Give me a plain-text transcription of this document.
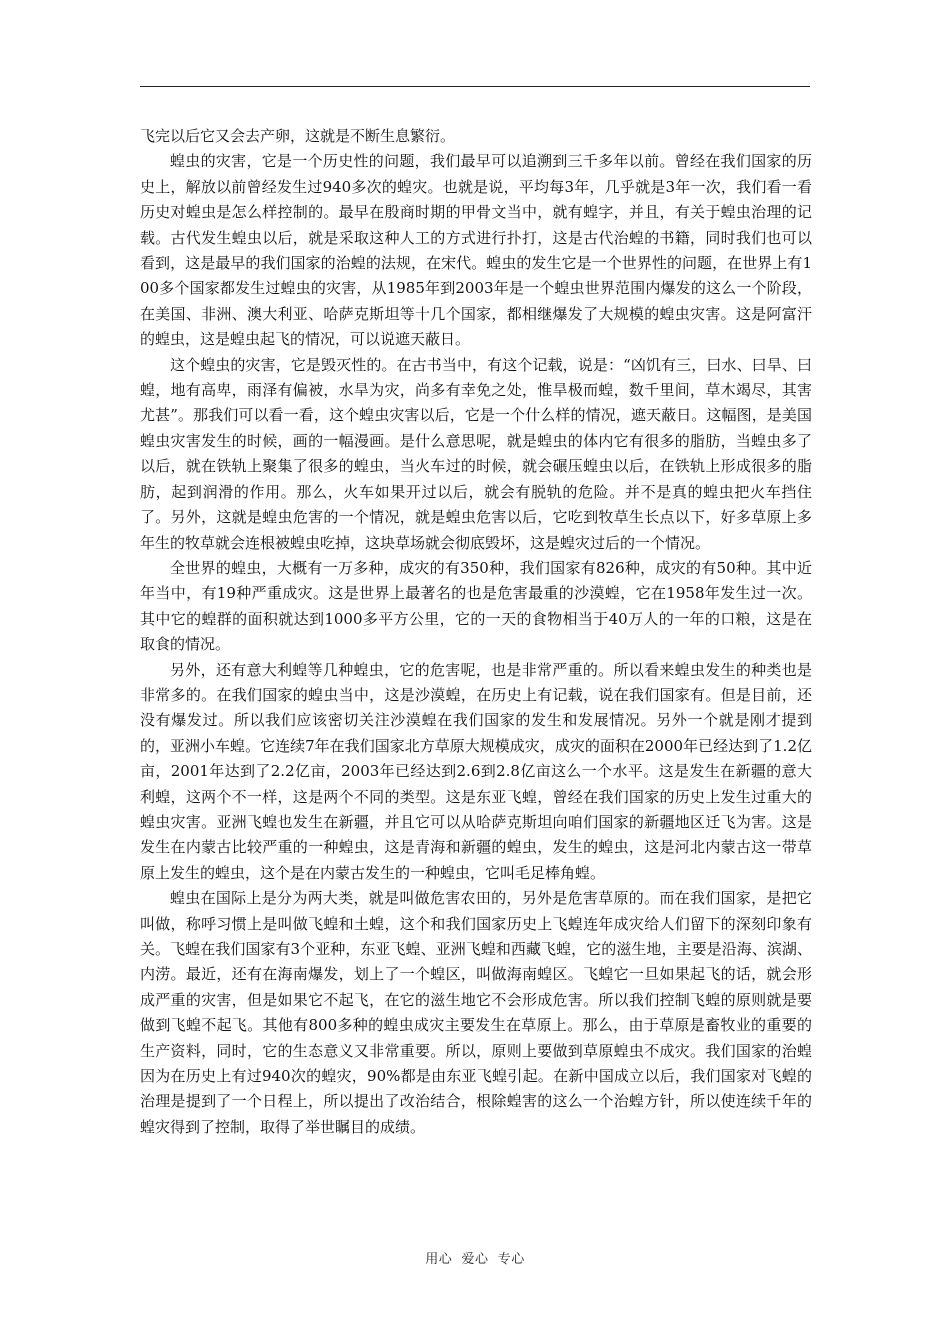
飞完以后它又会去产卵，这就是不断生息繁衍。

蝗虫的灾害，它是一个历史性的问题，我们最早可以追溯到三千多年以前。曾经在我们国家的历史上，解放以前曾经发生过940多次的蝗灾。也就是说，平均每3年，几乎就是3年一次，我们看一看历史对蝗虫是怎么样控制的。最早在殷商时期的甲骨文当中，就有蝗字，并且，有关于蝗虫治理的记载。古代发生蝗虫以后，就是采取这种人工的方式进行扑打，这是古代治蝗的书籍，同时我们也可以看到，这是最早的我们国家的治蝗的法规，在宋代。蝗虫的发生它是一个世界性的问题，在世界上有100多个国家都发生过蝗虫的灾害，从1985年到2003年是一个蝗虫世界范围内爆发的这么一个阶段，在美国、非洲、澳大利亚、哈萨克斯坦等十几个国家，都相继爆发了大规模的蝗虫灾害。这是阿富汗的蝗虫，这是蝗虫起飞的情况，可以说遮天蔽日。

这个蝗虫的灾害，它是毁灭性的。在古书当中，有这个记载，说是：“凶饥有三，曰水、曰旱、曰蝗，地有高卑，雨泽有偏被，水旱为灾，尚多有幸免之处，惟旱极而蝗，数千里间，草木竭尽，其害尤甚”。那我们可以看一看，这个蝗虫灾害以后，它是一个什么样的情况，遮天蔽日。这幅图，是美国蝗虫灾害发生的时候，画的一幅漫画。是什么意思呢，就是蝗虫的体内它有很多的脂肪，当蝗虫多了以后，就在铁轨上聚集了很多的蝗虫，当火车过的时候，就会碾压蝗虫以后，在铁轨上形成很多的脂肪，起到润滑的作用。那么，火车如果开过以后，就会有脱轨的危险。并不是真的蝗虫把火车挡住了。另外，这就是蝗虫危害的一个情况，就是蝗虫危害以后，它吃到牧草生长点以下，好多草原上多年生的牧草就会连根被蝗虫吃掉，这块草场就会彻底毁坏，这是蝗灾过后的一个情况。

全世界的蝗虫，大概有一万多种，成灾的有350种，我们国家有826种，成灾的有50种。其中近年当中，有19种严重成灾。这是世界上最著名的也是危害最重的沙漠蝗，它在1958年发生过一次。其中它的蝗群的面积就达到1000多平方公里，它的一天的食物相当于40万人的一年的口粮，这是在取食的情况。

另外，还有意大利蝗等几种蝗虫，它的危害呢，也是非常严重的。所以看来蝗虫发生的种类也是非常多的。在我们国家的蝗虫当中，这是沙漠蝗，在历史上有记载，说在我们国家有。但是目前，还没有爆发过。所以我们应该密切关注沙漠蝗在我们国家的发生和发展情况。另外一个就是刚才提到的，亚洲小车蝗。它连续7年在我们国家北方草原大规模成灾，成灾的面积在2000年已经达到了1.2亿亩，2001年达到了2.2亿亩，2003年已经达到2.6到2.8亿亩这么一个水平。这是发生在新疆的意大利蝗，这两个不一样，这是两个不同的类型。这是东亚飞蝗，曾经在我们国家的历史上发生过重大的蝗虫灾害。亚洲飞蝗也发生在新疆，并且它可以从哈萨克斯坦向咱们国家的新疆地区迁飞为害。这是发生在内蒙古比较严重的一种蝗虫，这是青海和新疆的蝗虫，发生的蝗虫，这是河北内蒙古这一带草原上发生的蝗虫，这个是在内蒙古发生的一种蝗虫，它叫毛足棒角蝗。

蝗虫在国际上是分为两大类，就是叫做危害农田的，另外是危害草原的。而在我们国家，是把它叫做，称呼习惯上是叫做飞蝗和土蝗，这个和我们国家历史上飞蝗连年成灾给人们留下的深刻印象有关。飞蝗在我们国家有3个亚种，东亚飞蝗、亚洲飞蝗和西藏飞蝗，它的滋生地，主要是沿海、滨湖、内涝。最近，还有在海南爆发，划上了一个蝗区，叫做海南蝗区。飞蝗它一旦如果起飞的话，就会形成严重的灾害，但是如果它不起飞，在它的滋生地它不会形成危害。所以我们控制飞蝗的原则就是要做到飞蝗不起飞。其他有800多种的蝗虫成灾主要发生在草原上。那么，由于草原是畜牧业的重要的生产资料，同时，它的生态意义又非常重要。所以，原则上要做到草原蝗虫不成灾。我们国家的治蝗因为在历史上有过940次的蝗灾，90%都是由东亚飞蝗引起。在新中国成立以后，我们国家对飞蝗的治理是提到了一个日程上，所以提出了改治结合，根除蝗害的这么一个治蝗方针，所以使连续千年的蝗灾得到了控制，取得了举世瞩目的成绩。

用心  爱心  专心
